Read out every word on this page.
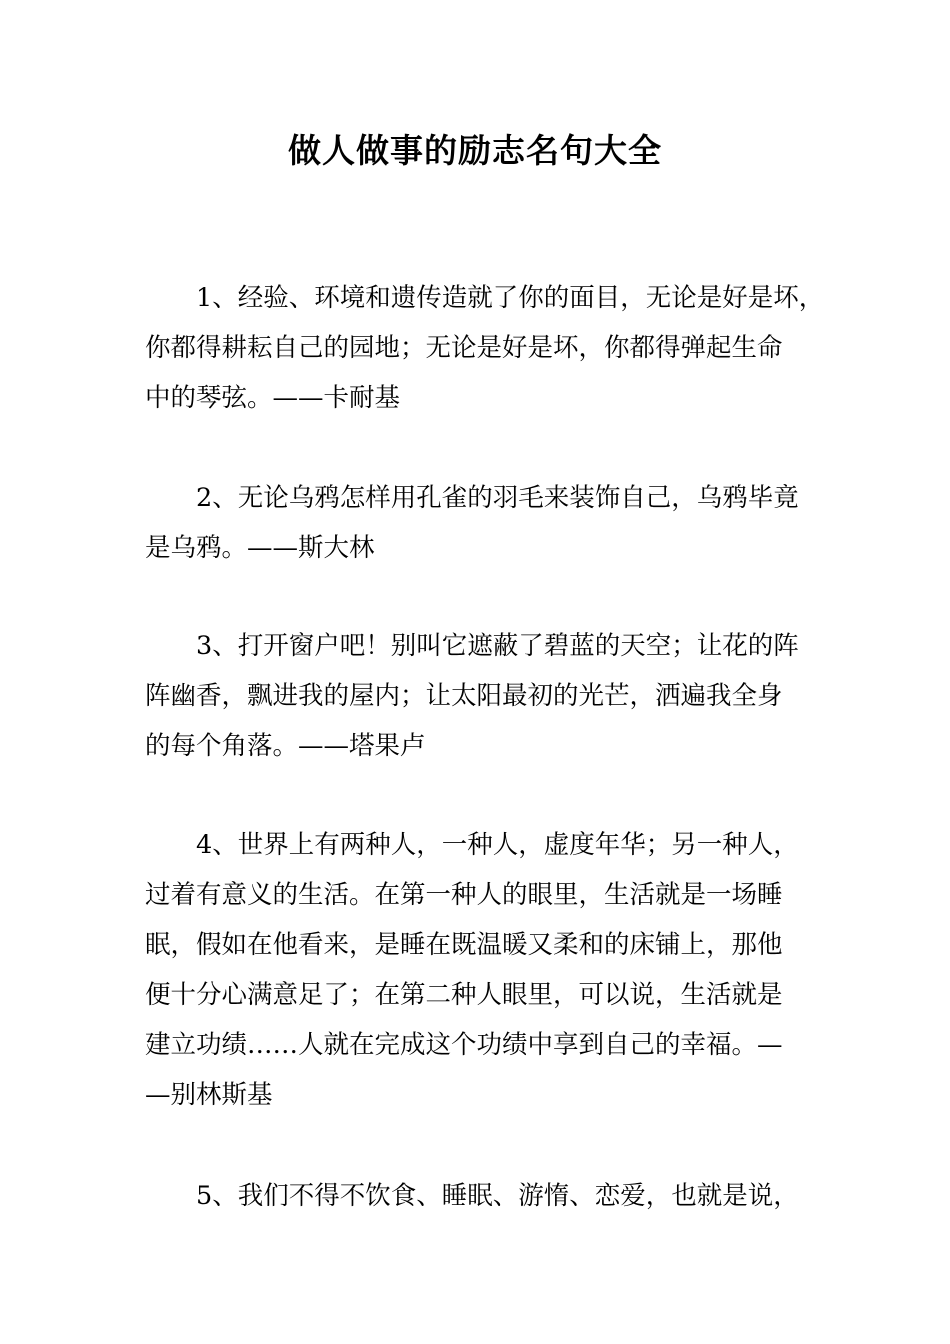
做人做事的励志名句大全
1、经验、环境和遗传造就了你的面目，无论是好是坏，
你都得耕耘自己的园地；无论是好是坏，你都得弹起生命
中的琴弦。——卡耐基
2、无论乌鸦怎样用孔雀的羽毛来装饰自己，乌鸦毕竟
是乌鸦。——斯大林
3、打开窗户吧！别叫它遮蔽了碧蓝的天空；让花的阵
阵幽香，飘进我的屋内；让太阳最初的光芒，洒遍我全身
的每个角落。——塔果卢
4、世界上有两种人，一种人，虚度年华；另一种人，
过着有意义的生活。在第一种人的眼里，生活就是一场睡
眠，假如在他看来，是睡在既温暖又柔和的床铺上，那他
便十分心满意足了；在第二种人眼里，可以说，生活就是
建立功绩……人就在完成这个功绩中享到自己的幸福。—
—别林斯基
5、我们不得不饮食、睡眠、游惰、恋爱，也就是说，
